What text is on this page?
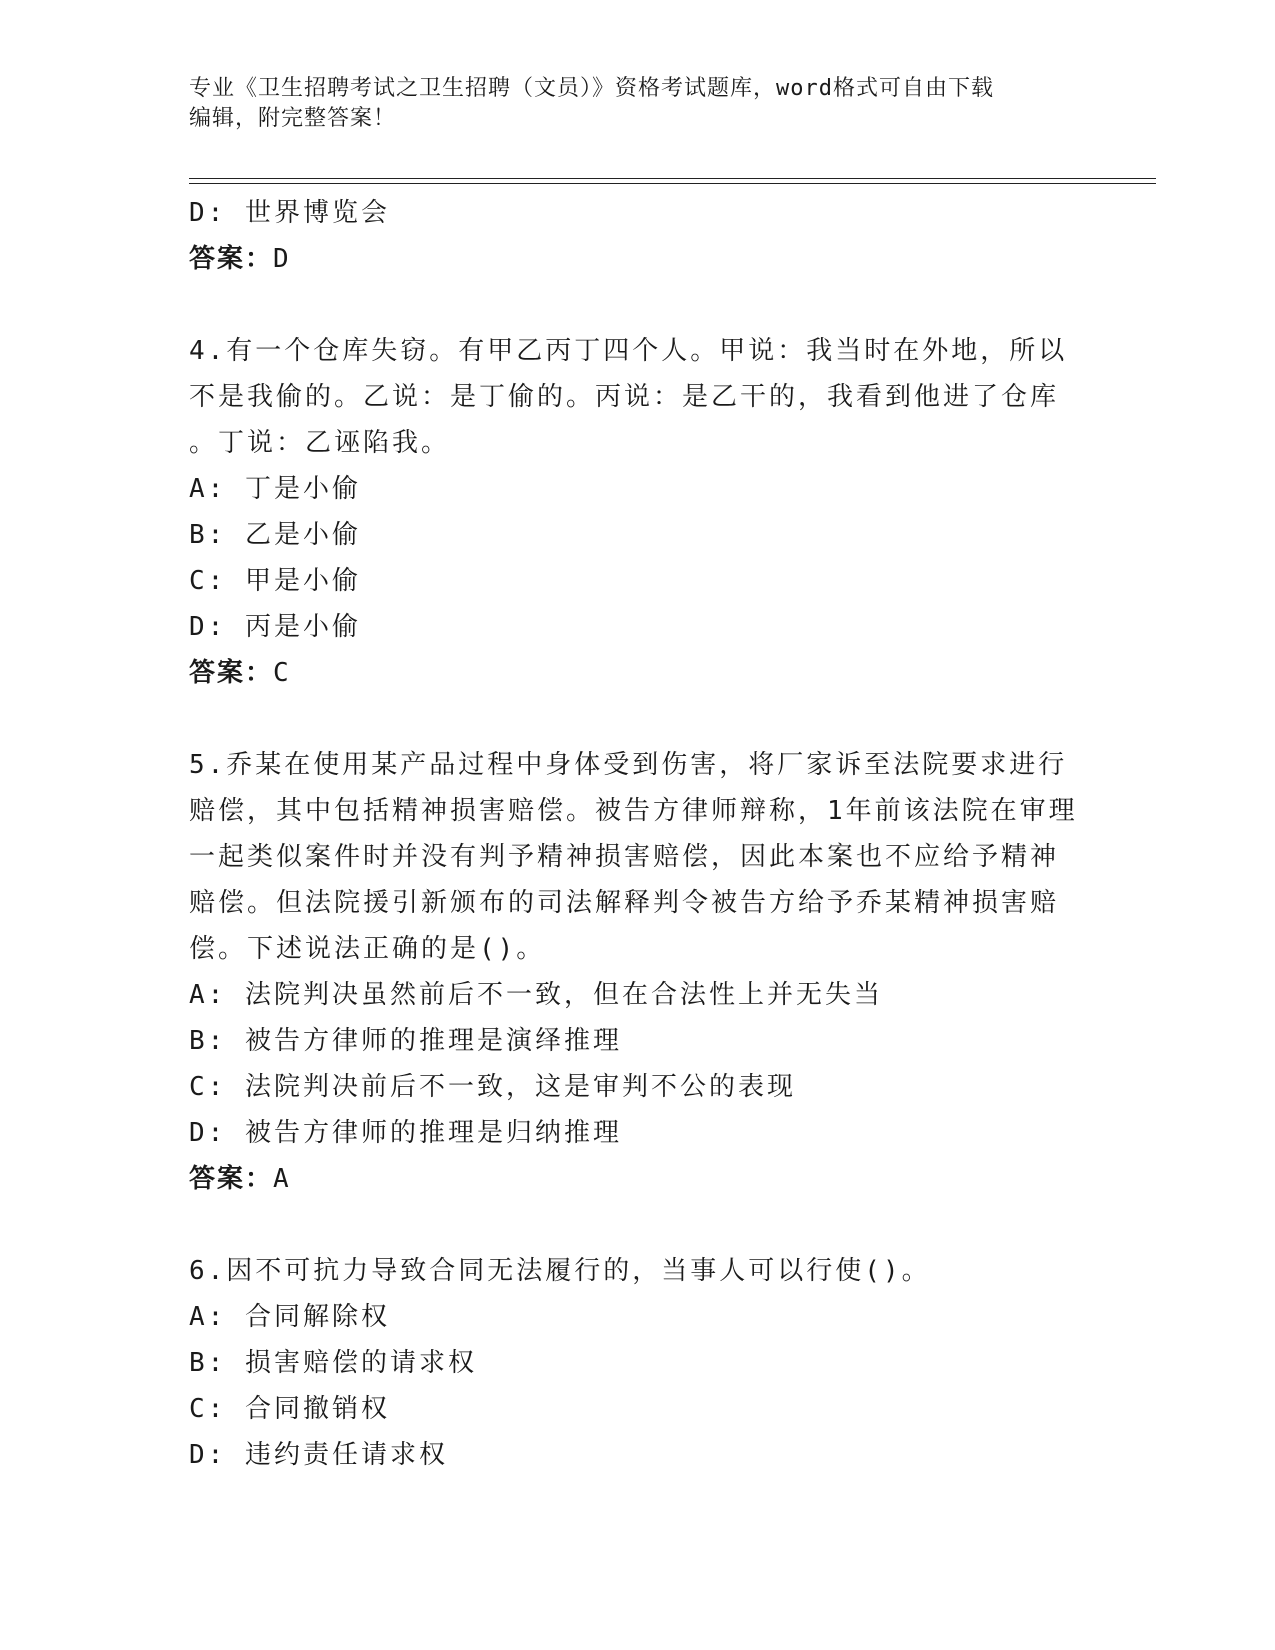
专业《卫生招聘考试之卫生招聘（文员）》资格考试题库，word格式可自由下载
编辑，附完整答案！
D: 世界博览会
答案：D
4.有一个仓库失窃。有甲乙丙丁四个人。甲说：我当时在外地，所以
不是我偷的。乙说：是丁偷的。丙说：是乙干的，我看到他进了仓库
。丁说：乙诬陷我。
A: 丁是小偷
B: 乙是小偷
C: 甲是小偷
D: 丙是小偷
答案：C
5.乔某在使用某产品过程中身体受到伤害，将厂家诉至法院要求进行
赔偿，其中包括精神损害赔偿。被告方律师辩称，1年前该法院在审理
一起类似案件时并没有判予精神损害赔偿，因此本案也不应给予精神
赔偿。但法院援引新颁布的司法解释判令被告方给予乔某精神损害赔
偿。下述说法正确的是()。
A: 法院判决虽然前后不一致，但在合法性上并无失当
B: 被告方律师的推理是演绎推理
C: 法院判决前后不一致，这是审判不公的表现
D: 被告方律师的推理是归纳推理
答案：A
6.因不可抗力导致合同无法履行的，当事人可以行使()。
A: 合同解除权
B: 损害赔偿的请求权
C: 合同撤销权
D: 违约责任请求权
